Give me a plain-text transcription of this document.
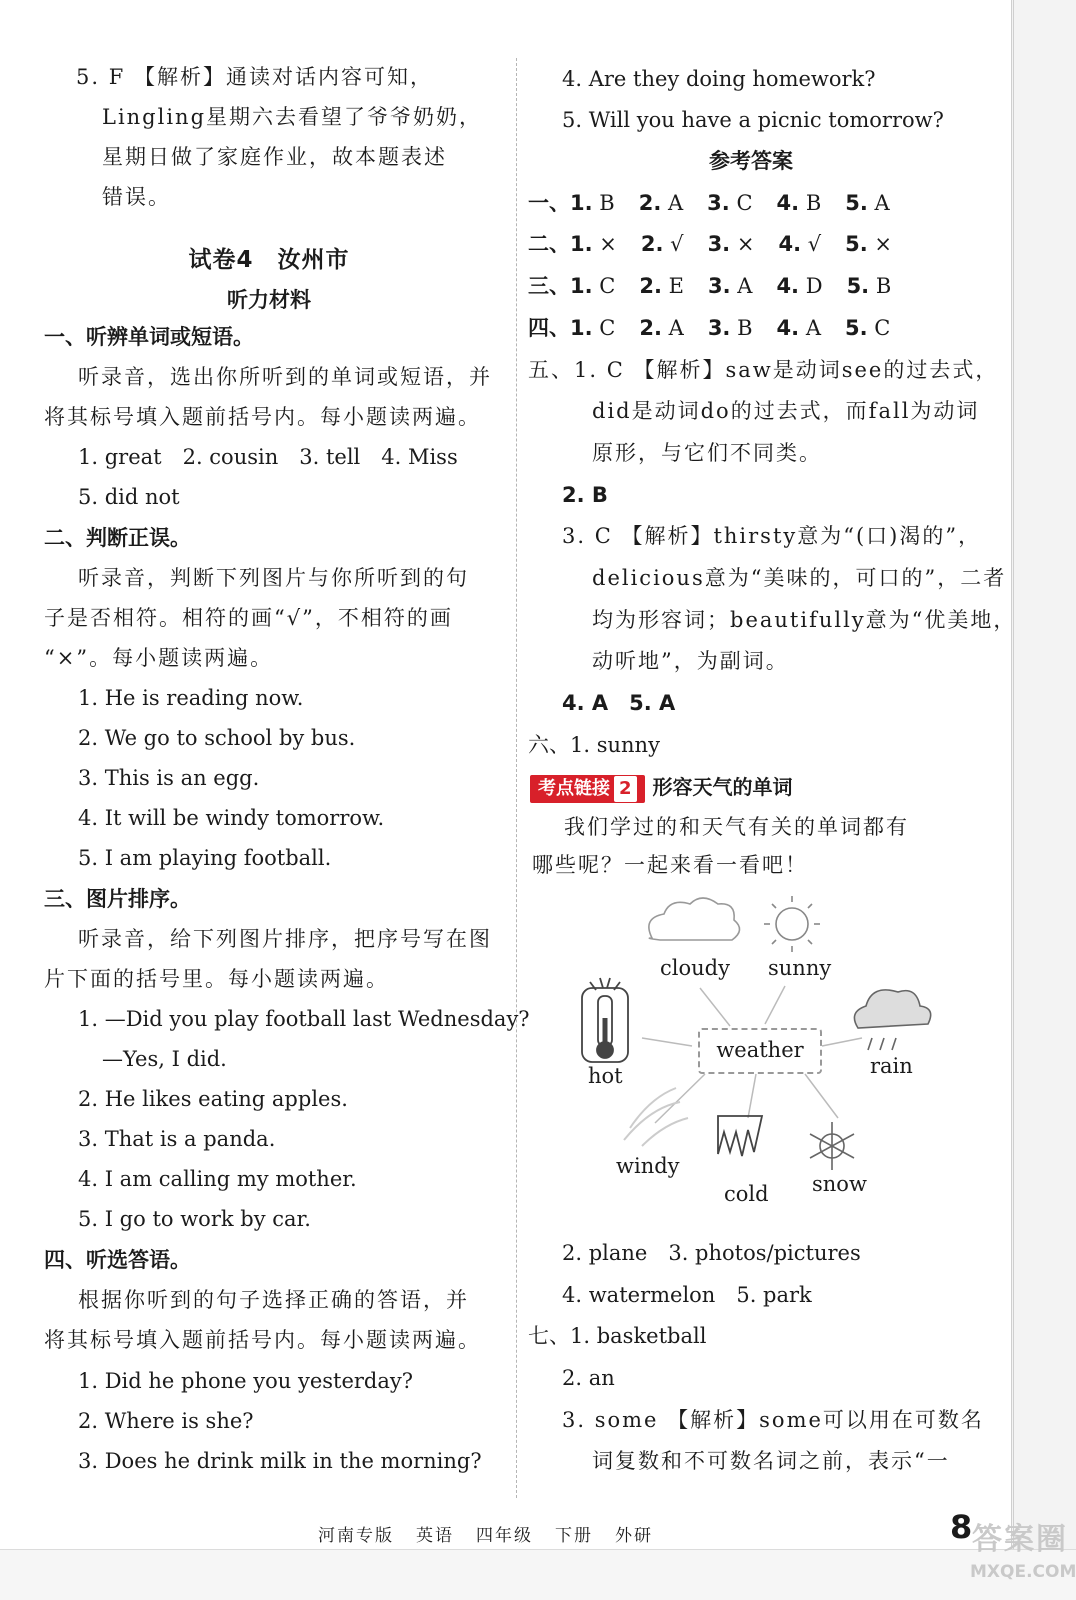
5. F 【解析】通读对话内容可知，
Lingling星期六去看望了爷爷奶奶，
星期日做了家庭作业，故本题表述
错误。
试卷4　汝州市
听力材料
一、听辨单词或短语。
听录音，选出你所听到的单词或短语，并
将其标号填入题前括号内。每小题读两遍。
1. great　2. cousin　3. tell　4. Miss
5. did not
二、判断正误。
听录音，判断下列图片与你所听到的句
子是否相符。相符的画“√”，不相符的画
“×”。每小题读两遍。
1. He is reading now.
2. We go to school by bus.
3. This is an egg.
4. It will be windy tomorrow.
5. I am playing football.
三、图片排序。
听录音，给下列图片排序，把序号写在图
片下面的括号里。每小题读两遍。
1. —Did you play football last Wednesday?
—Yes, I did.
2. He likes eating apples.
3. That is a panda.
4. I am calling my mother.
5. I go to work by car.
四、听选答语。
根据你听到的句子选择正确的答语，并
将其标号填入题前括号内。每小题读两遍。
1. Did he phone you yesterday?
2. Where is she?
3. Does he drink milk in the morning?
4. Are they doing homework?
5. Will you have a picnic tomorrow?
参考答案
一、1. B 2. A 3. C 4. B 5. A
二、1. × 2. √ 3. × 4. √ 5. ×
三、1. C 2. E 3. A 4. D 5. B
四、1. C 2. A 3. B 4. A 5. C
五、1. C 【解析】saw是动词see的过去式，
did是动词do的过去式，而fall为动词
原形，与它们不同类。
2. B
3. C 【解析】thirsty意为“(口)渴的”，
delicious意为“美味的，可口的”，二者
均为形容词；beautifully意为“优美地，
动听地”，为副词。
4. A　5. A
六、1. sunny
考点链接 2 形容天气的单词
我们学过的和天气有关的单词都有
哪些呢？一起来看一看吧！
2. plane　3. photos/pictures
4. watermelon　5. park
七、1. basketball
2. an
3. some 【解析】some可以用在可数名
词复数和不可数名词之前，表示“一
cloudy sunny
hot	rain
windy
cold snow
weather
河南专版 英语 四年级 下册 外研	8 答案圈
MXQE.COM
